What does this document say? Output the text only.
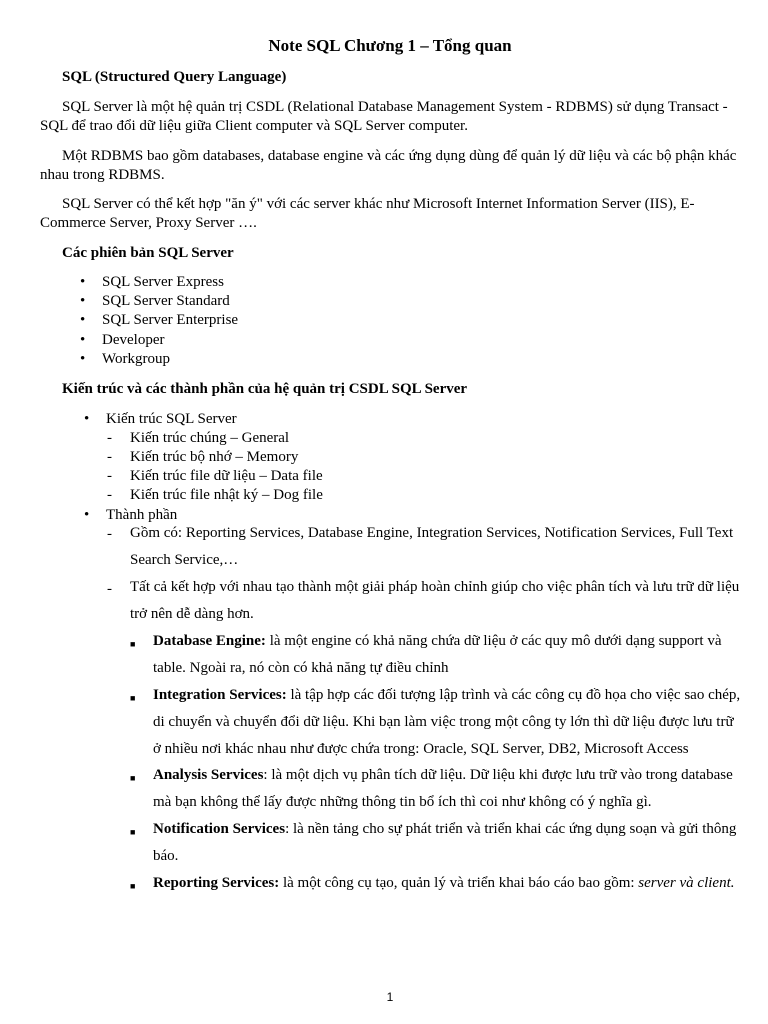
Note SQL Chương 1 – Tổng quan

SQL (Structured Query Language)

SQL Server là một hệ quản trị CSDL (Relational Database Management System - RDBMS) sử dụng Transact - SQL để trao đổi dữ liệu giữa Client computer và SQL Server computer.

Một RDBMS bao gồm databases, database engine và các ứng dụng dùng để quản lý dữ liệu và các bộ phận khác nhau trong RDBMS.

SQL Server có thể kết hợp "ăn ý" với các server khác như Microsoft Internet Information Server (IIS), E-Commerce Server, Proxy Server ….

Các phiên bản SQL Server

• SQL Server Express
• SQL Server Standard
• SQL Server Enterprise
• Developer
• Workgroup

Kiến trúc và các thành phần của hệ quản trị CSDL SQL Server

• Kiến trúc SQL Server
- Kiến trúc chúng – General
- Kiến trúc bộ nhớ – Memory
- Kiến trúc file dữ liệu – Data file
- Kiến trúc file nhật ký – Dog file
• Thành phần
- Gồm có: Reporting Services, Database Engine, Integration Services, Notification Services, Full Text Search Service,…

- Tất cả kết hợp với nhau tạo thành một giải pháp hoàn chỉnh giúp cho việc phân tích và lưu trữ dữ liệu trở nên dễ dàng hơn.

■ Database Engine: là một engine có khả năng chứa dữ liệu ở các quy mô dưới dạng support và table. Ngoài ra, nó còn có khả năng tự điều chỉnh

■ Integration Services: là tập hợp các đối tượng lập trình và các công cụ đồ họa cho việc sao chép, di chuyển và chuyển đổi dữ liệu. Khi bạn làm việc trong một công ty lớn thì dữ liệu được lưu trữ ở nhiều nơi khác nhau như được chứa trong: Oracle, SQL Server, DB2, Microsoft Access

■ Analysis Services: là một dịch vụ phân tích dữ liệu. Dữ liệu khi được lưu trữ vào trong database mà bạn không thể lấy được những thông tin bổ ích thì coi như không có ý nghĩa gì.

■ Notification Services: là nền tảng cho sự phát triển và triển khai các ứng dụng soạn và gửi thông báo.

■ Reporting Services: là một công cụ tạo, quản lý và triển khai báo cáo bao gồm: server và client.

1
